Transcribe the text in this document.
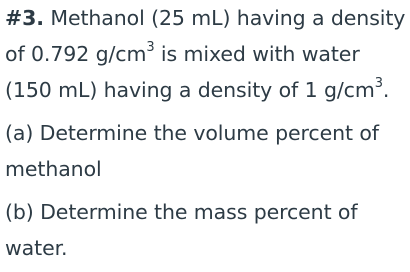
#3. Methanol (25 mL) having a density
of 0.792 $g/cm^3$ is mixed with water
(150 mL) having a density of 1 $g/cm^3$.
(a) Determine the volume percent of
methanol
(b) Determine the mass percent of
water.
